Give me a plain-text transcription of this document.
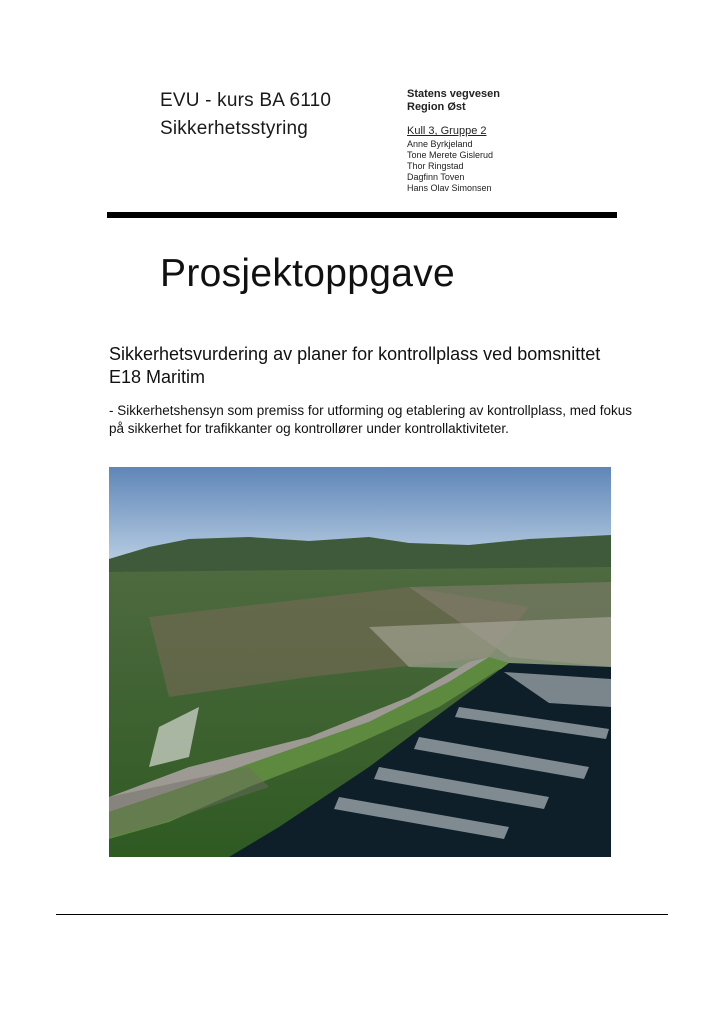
EVU - kurs BA 6110
Sikkerhetsstyring
Statens vegvesen
Region Øst
Kull 3, Gruppe 2
Anne Byrkjeland
Tone Merete Gislerud
Thor Ringstad
Dagfinn Toven
Hans Olav Simonsen
Prosjektoppgave
Sikkerhetsvurdering av planer for kontrollplass ved bomsnittet E18 Maritim
- Sikkerhetshensyn som premiss for utforming og etablering av kontrollplass, med fokus på sikkerhet for trafikkanter og kontrollører under kontrollaktiviteter.
